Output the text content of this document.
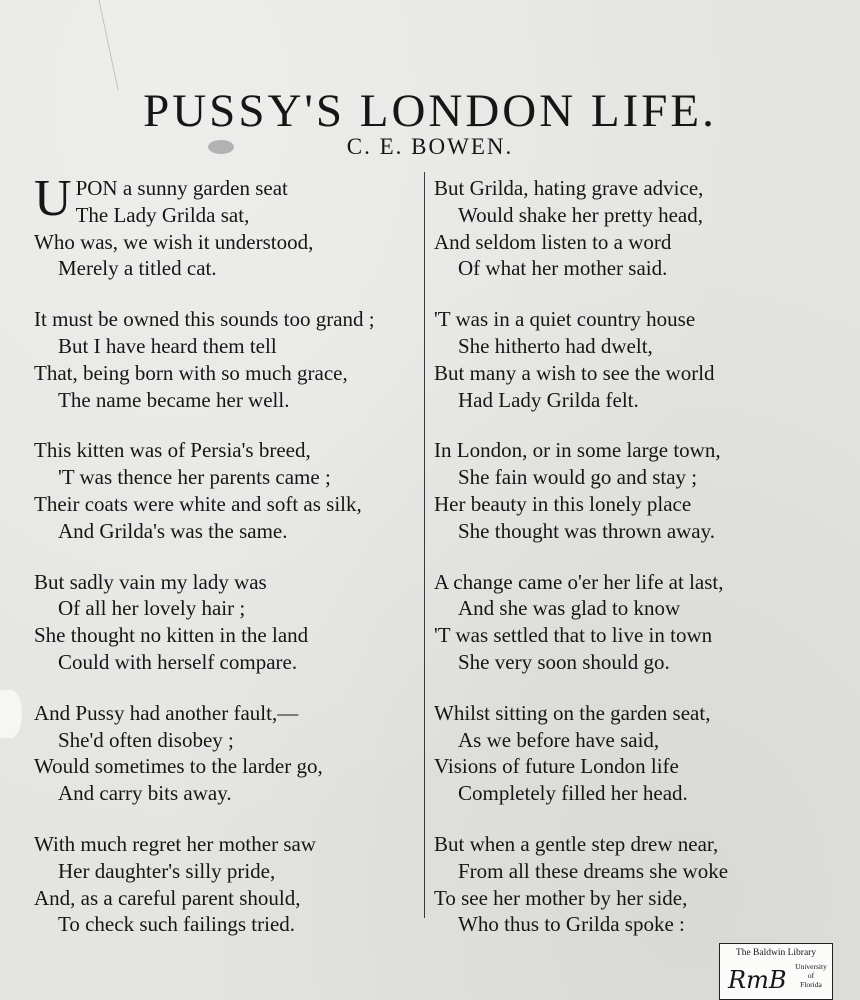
PUSSY'S LONDON LIFE.
C. E. BOWEN.
U PON a sunny garden seat
The Lady Grilda sat,
Who was, we wish it understood,
Merely a titled cat.
It must be owned this sounds too grand ;
But I have heard them tell
That, being born with so much grace,
The name became her well.
This kitten was of Persia's breed,
'T was thence her parents came ;
Their coats were white and soft as silk,
And Grilda's was the same.
But sadly vain my lady was
Of all her lovely hair ;
She thought no kitten in the land
Could with herself compare.
And Pussy had another fault,—
She'd often disobey ;
Would sometimes to the larder go,
And carry bits away.
With much regret her mother saw
Her daughter's silly pride,
And, as a careful parent should,
To check such failings tried.
But Grilda, hating grave advice,
Would shake her pretty head,
And seldom listen to a word
Of what her mother said.
'T was in a quiet country house
She hitherto had dwelt,
But many a wish to see the world
Had Lady Grilda felt.
In London, or in some large town,
She fain would go and stay ;
Her beauty in this lonely place
She thought was thrown away.
A change came o'er her life at last,
And she was glad to know
'T was settled that to live in town
She very soon should go.
Whilst sitting on the garden seat,
As we before have said,
Visions of future London life
Completely filled her head.
But when a gentle step drew near,
From all these dreams she woke
To see her mother by her side,
Who thus to Grilda spoke :
The Baldwin Library
RmB	University
of
Florida
